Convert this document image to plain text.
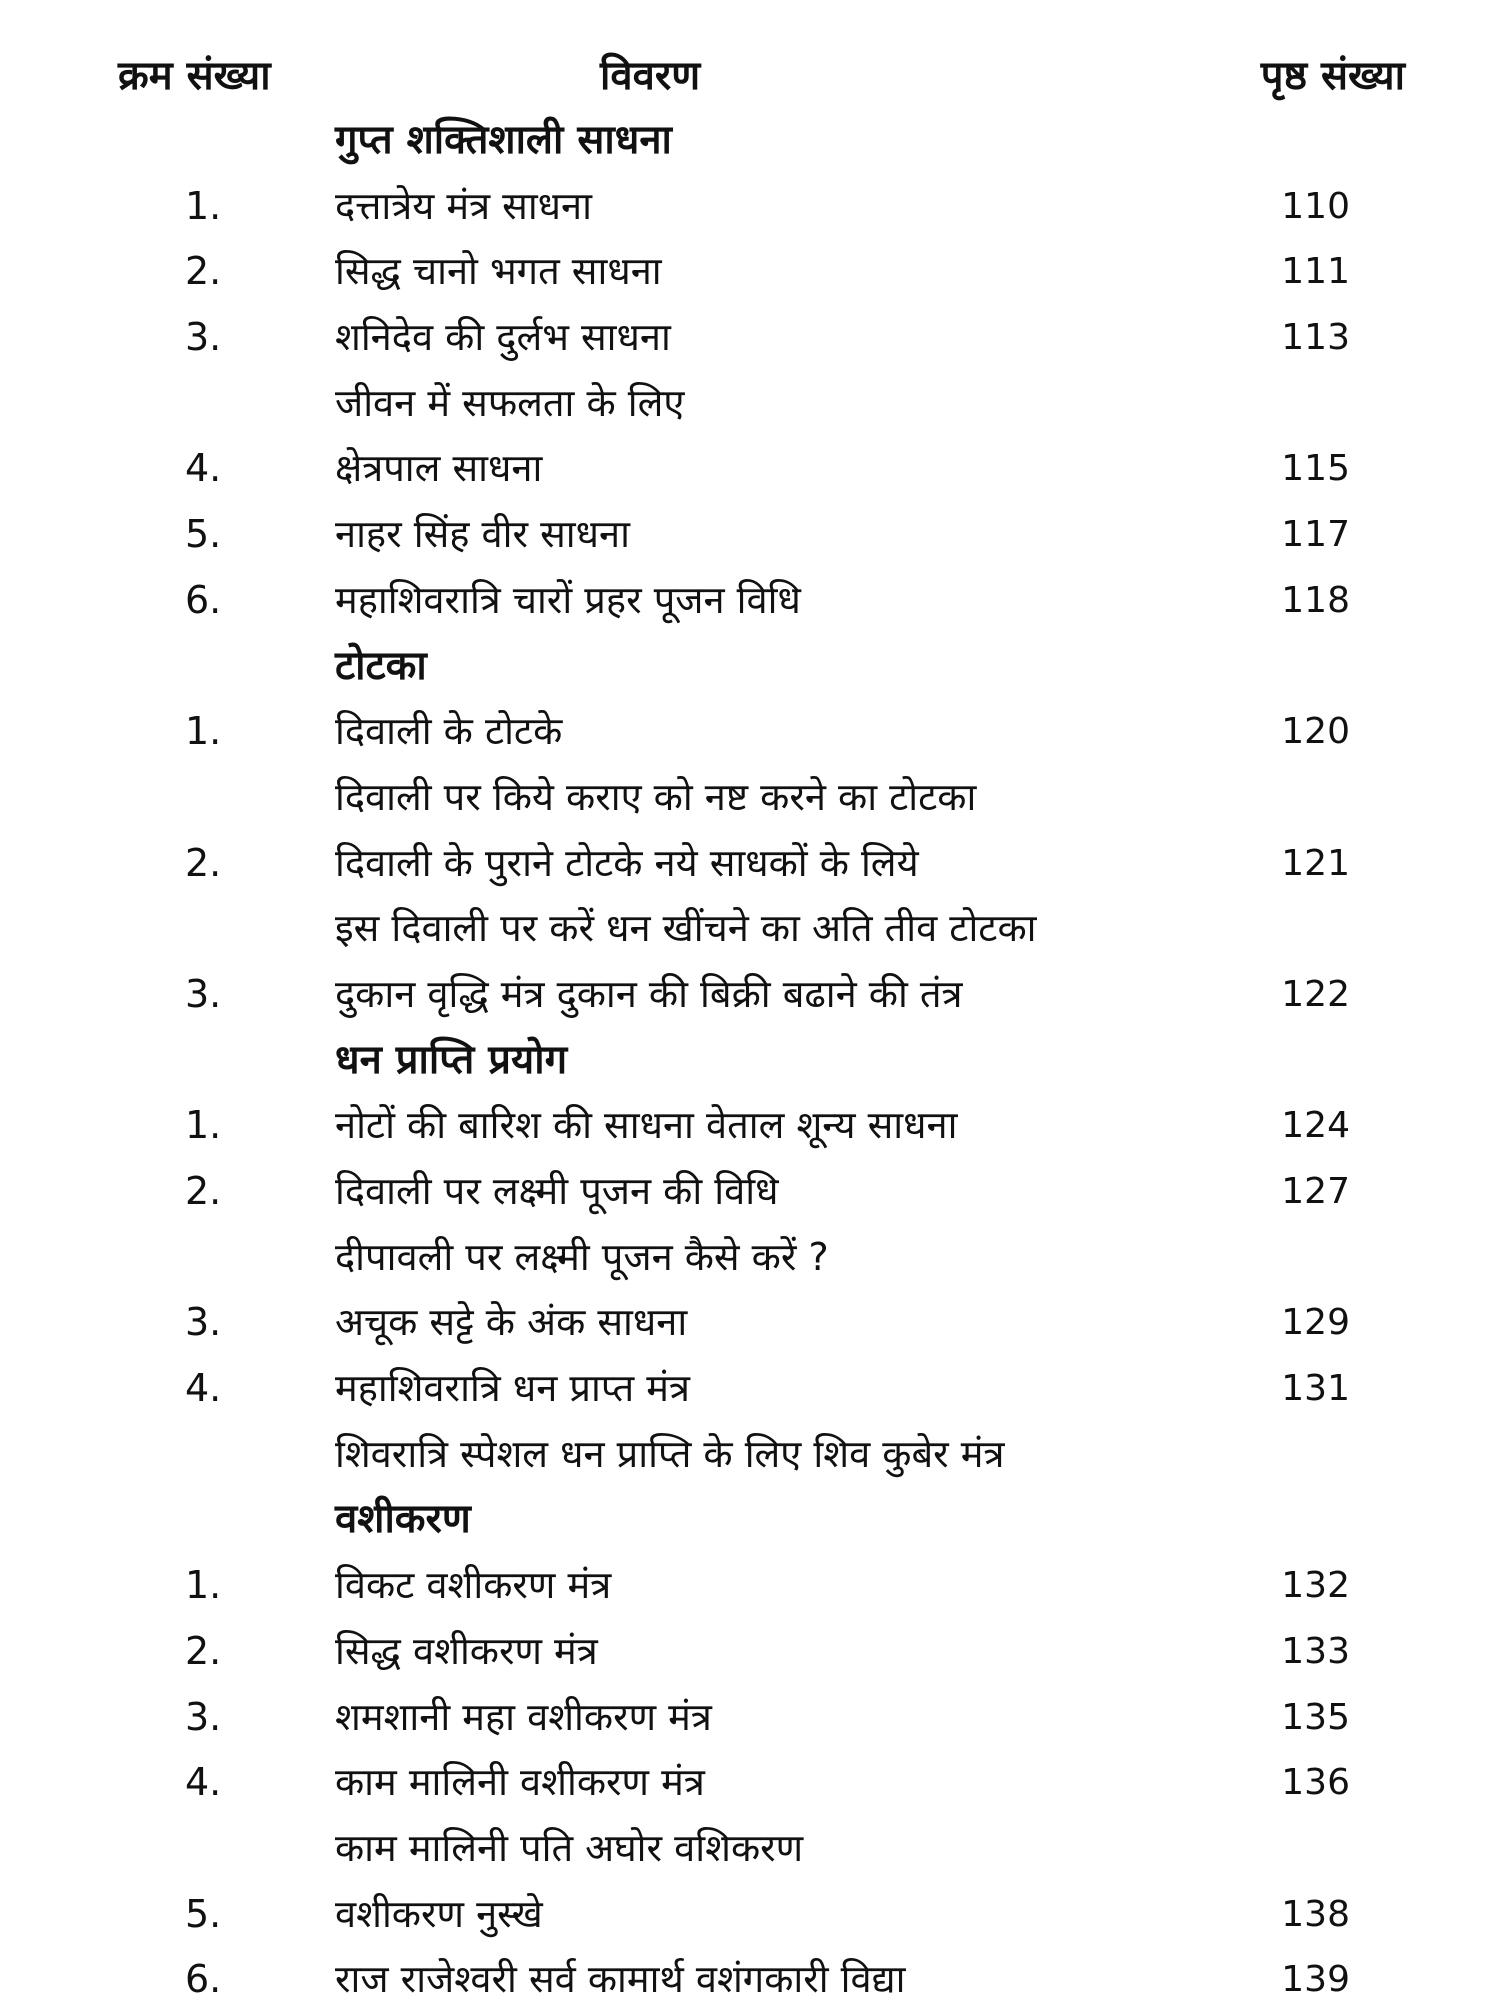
क्रम संख्या	विवरण	पृष्ठ संख्या
गुप्त शक्तिशाली साधना
1.	दत्तात्रेय मंत्र साधना	110
2.	सिद्ध चानो भगत साधना	111
3.	शनिदेव की दुर्लभ साधना	113
जीवन में सफलता के लिए
4.	क्षेत्रपाल साधना	115
5.	नाहर सिंह वीर साधना	117
6.	महाशिवरात्रि चारों प्रहर पूजन विधि	118
टोटका
1.	दिवाली के टोटके	120
दिवाली पर किये कराए को नष्ट करने का टोटका
2.	दिवाली के पुराने टोटके नये साधकों के लिये	121
इस दिवाली पर करें धन खींचने का अति तीव टोटका
3.	दुकान वृद्धि मंत्र दुकान की बिक्री बढाने की तंत्र	122
धन प्राप्ति प्रयोग
1.	नोटों की बारिश की साधना वेताल शून्य साधना	124
2.	दिवाली पर लक्ष्मी पूजन की विधि	127
दीपावली पर लक्ष्मी पूजन कैसे करें ?
3.	अचूक सट्टे के अंक साधना	129
4.	महाशिवरात्रि धन प्राप्त मंत्र	131
शिवरात्रि स्पेशल धन प्राप्ति के लिए शिव कुबेर मंत्र
वशीकरण
1.	विकट वशीकरण मंत्र	132
2.	सिद्ध वशीकरण मंत्र	133
3.	शमशानी महा वशीकरण मंत्र	135
4.	काम मालिनी वशीकरण मंत्र	136
काम मालिनी पति अघोर वशिकरण
5.	वशीकरण नुस्खे	138
6.	राज राजेश्वरी सर्व कामार्थ वशंगकारी विद्या	139
